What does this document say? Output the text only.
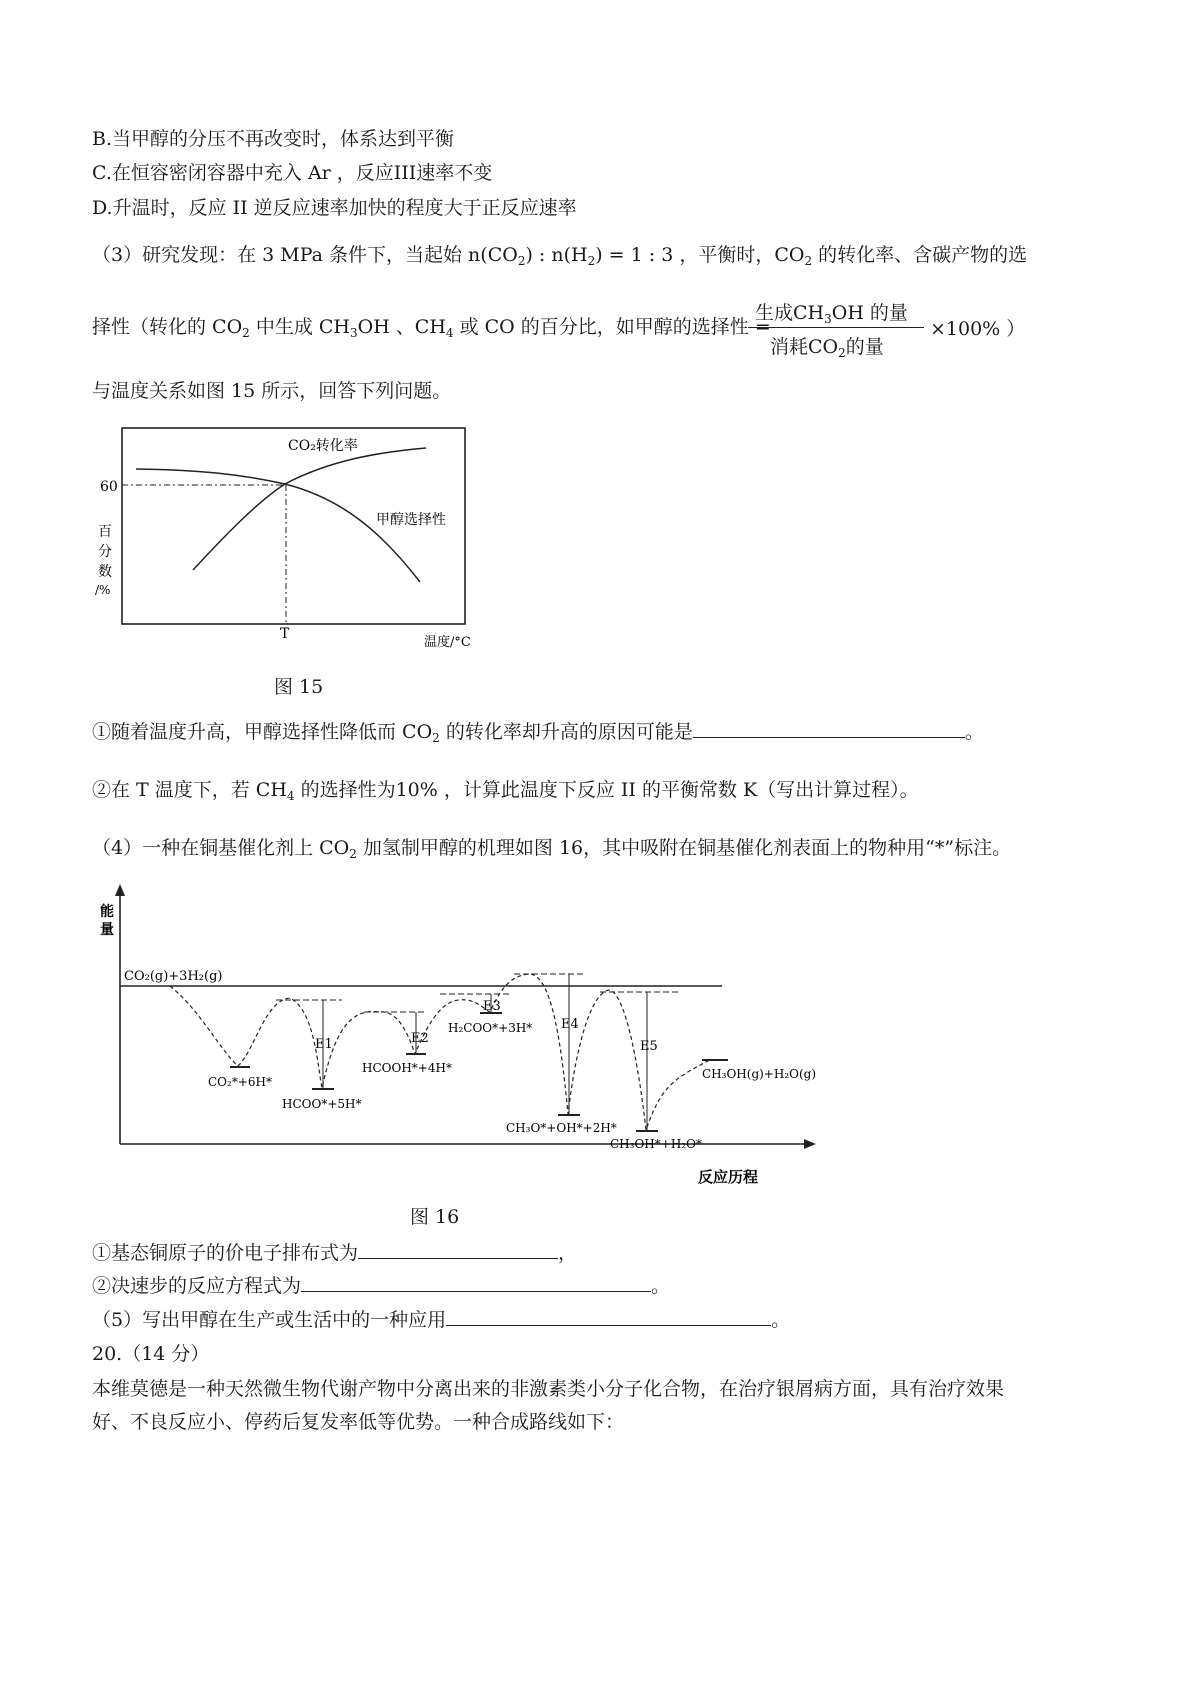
B.当甲醇的分压不再改变时，体系达到平衡
C.在恒容密闭容器中充入 Ar ，反应III速率不变
D.升温时，反应 II 逆反应速率加快的程度大于正反应速率
（3）研究发现：在 3 MPa 条件下，当起始 $n(CO_2)$ : $n(H_2) = 1$ : 3 ，平衡时，$CO_2$ 的转化率、含碳产物的选
择性（转化的 $CO_2$ 中生成 $CH_3OH$ 、$CH_4$ 或 CO 的百分比，如甲醇的选择性 =
生成$CH_3OH$ 的量
消耗$CO_2$的量
×100% ）
与温度关系如图 15 所示，回答下列问题。
60
T
CO₂转化率
甲醇选择性
温度/°C
百
分
数
/%
图 15
①随着温度升高，甲醇选择性降低而 $CO_2$ 的转化率却升高的原因可能是	。
②在 T 温度下，若 $CH_4$ 的选择性为10% ，计算此温度下反应 II 的平衡常数 K（写出计算过程）。
（4）一种在铜基催化剂上 $CO_2$ 加氢制甲醇的机理如图 16，其中吸附在铜基催化剂表面上的物种用“*”标注。
能量
反应历程
CO₂(g)+3H₂(g)
E1	E2
E3
E4
E5
CO₂*+6H*
HCOO*+5H*
HCOOH*+4H*
H₂COO*+3H*
CH₃O*+OH*+2H*
CH₃OH*+H₂O*
CH₃OH(g)+H₂O(g)
图 16
①基态铜原子的价电子排布式为	，
②决速步的反应方程式为	。
（5）写出甲醇在生产或生活中的一种应用	。
20.（14 分）
本维莫德是一种天然微生物代谢产物中分离出来的非激素类小分子化合物，在治疗银屑病方面，具有治疗效果
好、不良反应小、停药后复发率低等优势。一种合成路线如下：
